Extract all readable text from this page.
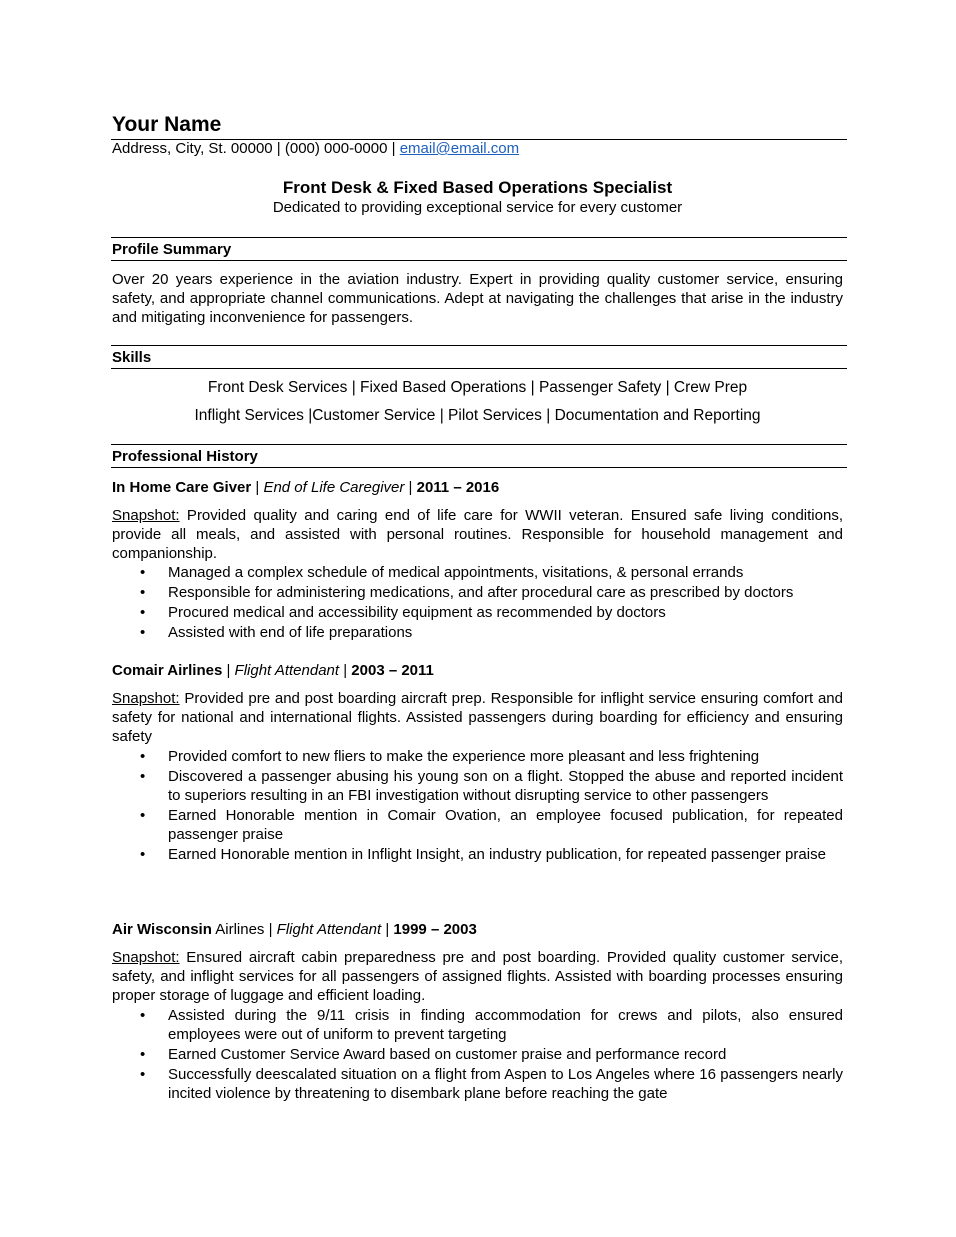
Your Name
Address, City, St. 00000 | (000) 000-0000 | email@email.com
Front Desk & Fixed Based Operations Specialist
Dedicated to providing exceptional service for every customer
Profile Summary

Over 20 years experience in the aviation industry. Expert in providing quality customer service, ensuring safety, and appropriate channel communications. Adept at navigating the challenges that arise in the industry and mitigating inconvenience for passengers.

Skills
Front Desk Services | Fixed Based Operations | Passenger Safety | Crew Prep
Inflight Services |Customer Service | Pilot Services | Documentation and Reporting
Professional History
In Home Care Giver | End of Life Caregiver | 2011 – 2016

Snapshot: Provided quality and caring end of life care for WWII veteran. Ensured safe living conditions, provide all meals, and assisted with personal routines. Responsible for household management and companionship.

• Managed a complex schedule of medical appointments, visitations, & personal errands
• Responsible for administering medications, and after procedural care as prescribed by doctors
• Procured medical and accessibility equipment as recommended by doctors
• Assisted with end of life preparations
Comair Airlines | Flight Attendant | 2003 – 2011

Snapshot: Provided pre and post boarding aircraft prep. Responsible for inflight service ensuring comfort and safety for national and international flights. Assisted passengers during boarding for efficiency and ensuring safety

• Provided comfort to new fliers to make the experience more pleasant and less frightening
• Discovered a passenger abusing his young son on a flight. Stopped the abuse and reported incident to superiors resulting in an FBI investigation without disrupting service to other passengers
• Earned Honorable mention in Comair Ovation, an employee focused publication, for repeated passenger praise
• Earned Honorable mention in Inflight Insight, an industry publication, for repeated passenger praise
Air Wisconsin Airlines | Flight Attendant | 1999 – 2003

Snapshot: Ensured aircraft cabin preparedness pre and post boarding. Provided quality customer service, safety, and inflight services for all passengers of assigned flights. Assisted with boarding processes ensuring proper storage of luggage and efficient loading.

• Assisted during the 9/11 crisis in finding accommodation for crews and pilots, also ensured employees were out of uniform to prevent targeting
• Earned Customer Service Award based on customer praise and performance record
• Successfully deescalated situation on a flight from Aspen to Los Angeles where 16 passengers nearly incited violence by threatening to disembark plane before reaching the gate
